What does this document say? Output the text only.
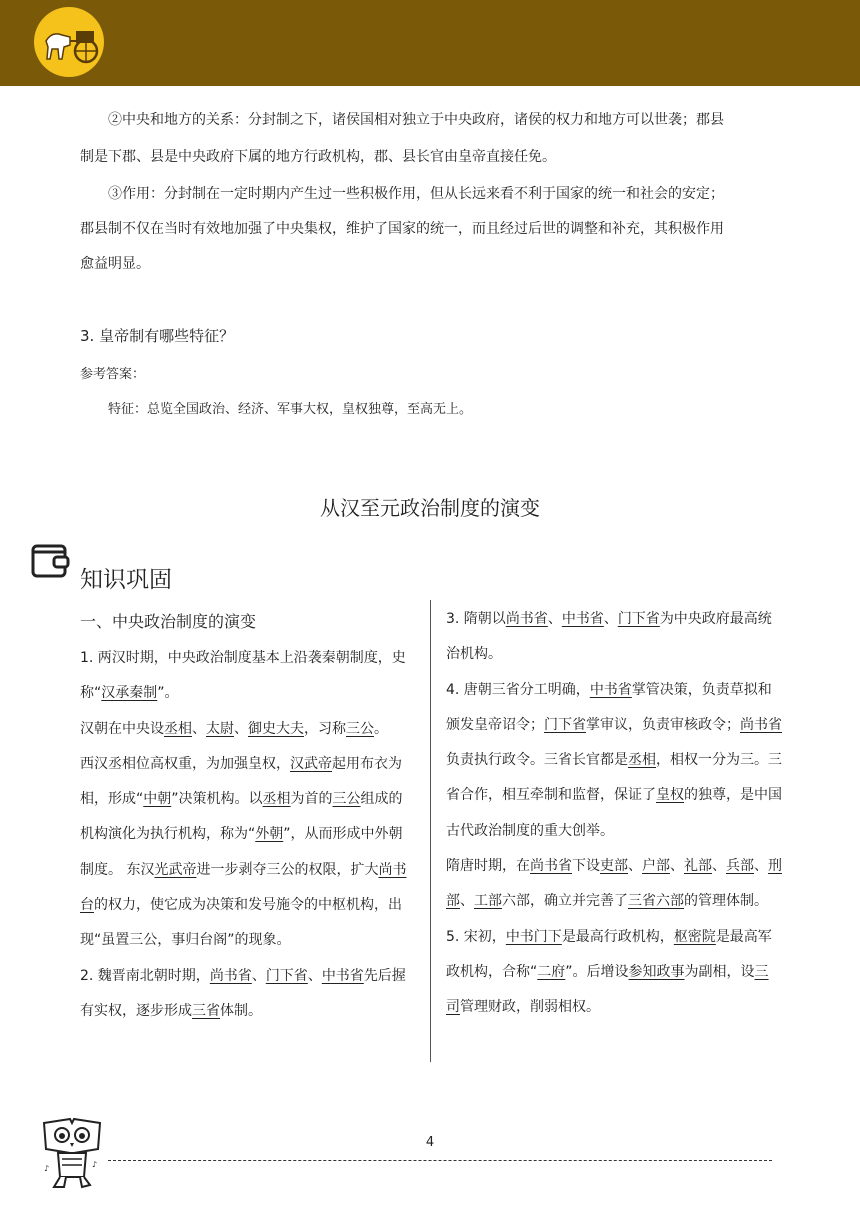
②中央和地方的关系：分封制之下，诸侯国相对独立于中央政府，诸侯的权力和地方可以世袭；郡县

制是下郡、县是中央政府下属的地方行政机构，郡、县长官由皇帝直接任免。

③作用：分封制在一定时期内产生过一些积极作用，但从长远来看不利于国家的统一和社会的安定；

郡县制不仅在当时有效地加强了中央集权，维护了国家的统一，而且经过后世的调整和补充，其积极作用

愈益明显。

3. 皇帝制有哪些特征？
参考答案：
特征：总览全国政治、经济、军事大权，皇权独尊，至高无上。
从汉至元政治制度的演变
知识巩固

一、中央政治制度的演变

1. 两汉时期，中央政治制度基本上沿袭秦朝制度，史称“汉承秦制”。

汉朝在中央设丞相、太尉、御史大夫，习称三公。

西汉丞相位高权重，为加强皇权，汉武帝起用布衣为相，形成“中朝”决策机构。以丞相为首的三公组成的机构演化为执行机构，称为“外朝”，从而形成中外朝制度。 东汉光武帝进一步剥夺三公的权限，扩大尚书台的权力，使它成为决策和发号施令的中枢机构，出现“虽置三公，事归台阁”的现象。

2. 魏晋南北朝时期，尚书省、门下省、中书省先后握有实权，逐步形成三省体制。

3. 隋朝以尚书省、中书省、门下省为中央政府最高统治机构。

4. 唐朝三省分工明确，中书省掌管决策，负责草拟和颁发皇帝诏令；门下省掌审议，负责审核政令；尚书省负责执行政令。三省长官都是丞相，相权一分为三。三省合作，相互牵制和监督，保证了皇权的独尊，是中国古代政治制度的重大创举。

隋唐时期，在尚书省下设吏部、户部、礼部、兵部、刑部、工部六部，确立并完善了三省六部的管理体制。

5. 宋初，中书门下是最高行政机构，枢密院是最高军政机构，合称“二府”。后增设参知政事为副相，设三司管理财政，削弱相权。

♪	♪
4
